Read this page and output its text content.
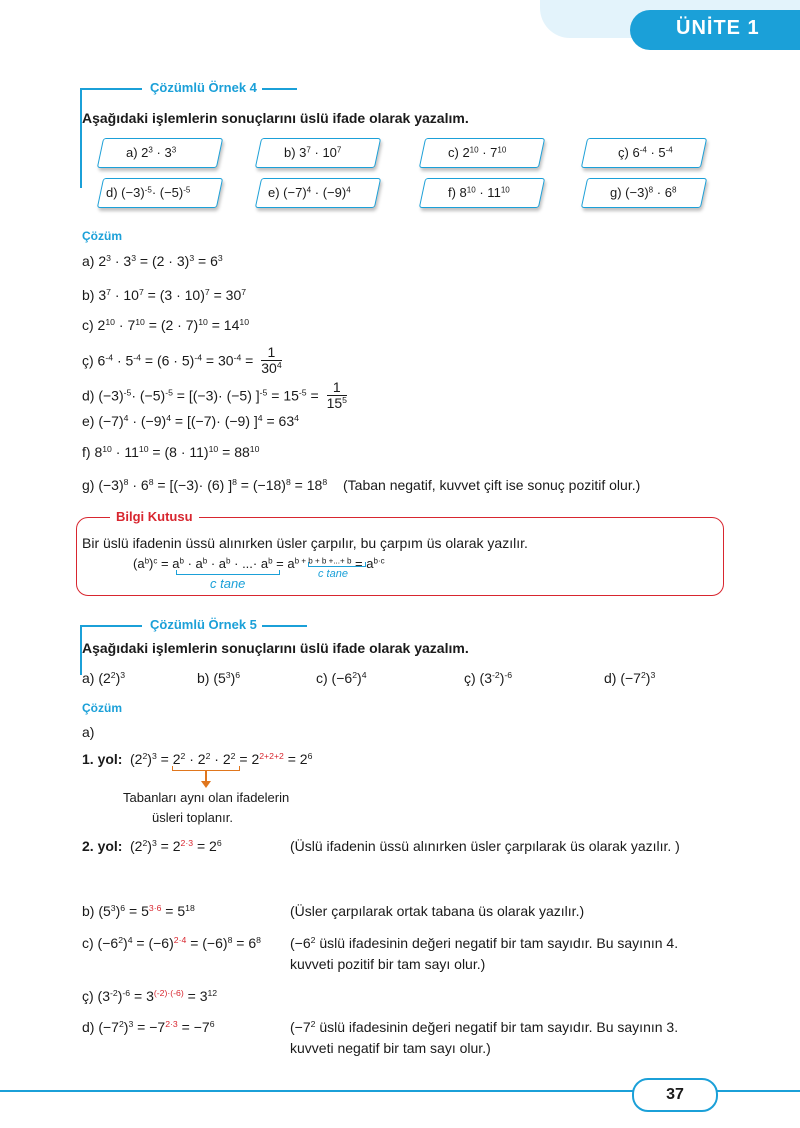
ÜNİTE 1
Çözümlü Örnek 4
Aşağıdaki işlemlerin sonuçlarını üslü ifade olarak yazalım.
a) $2^3 \cdot 3^3$	b) $3^7 \cdot 10^7$	c) $2^{10} \cdot 7^{10}$	ç) $6^{-4} \cdot 5^{-4}$
d) $(-3)^{-5}\cdot (-5)^{-5}$	e) $(-7)^4 \cdot (-9)^4$	f) $8^{10} \cdot 11^{10}$	g) $(-3)^8 \cdot 6^8$
Çözüm
a) $2^3 \cdot 3^3 = (2 \cdot 3)^3 = 6^3$
b) $3^7 \cdot 10^7 = (3 \cdot 10)^7 = 30^7$
c) $2^{10} \cdot 7^{10} = (2 \cdot 7)^{10} = 14^{10}$
ç) $6^{-4} \cdot 5^{-4} = (6 \cdot 5)^{-4} = 30^{-4} = \frac{1}{30^4}$
d) $(-3)^{-5}\cdot (-5)^{-5} = [(-3)\cdot (-5) ]^{-5} = 15^{-5} = \frac{1}{15^5}$
e) $(-7)^4 \cdot (-9)^4 = [(-7)\cdot (-9) ]^4 = 63^4$
f) $8^{10} \cdot 11^{10} = (8 \cdot 11)^{10} = 88^{10}$
g) $(-3)^8 \cdot 6^8 = [(-3)\cdot (6) ]^8 = (-18)^8 = 18^8$ (Taban negatif, kuvvet çift ise sonuç pozitif olur.)
Bilgi Kutusu
Bir üslü ifadenin üssü alınırken üsler çarpılır, bu çarpım üs olarak yazılır.
$(a^b)^c = a^b \cdot a^b \cdot a^b$ · ...· $a^b = a^{b + b + b +...+ b} = a^{b\cdot c}$
c tane
c tane
Çözümlü Örnek 5
Aşağıdaki işlemlerin sonuçlarını üslü ifade olarak yazalım.
a) $(2^2)^3$	b) $(5^3)^6$	c) $(-6^2)^4$	ç) $(3^{-2})^{-6}$	d) $(-7^2)^3$
Çözüm
a)
1. yol: $(2^2)^3 = 2^2 \cdot 2^2 \cdot 2^2 = 2^{2+2+2} = 2^6$
Tabanları aynı olan ifadelerin
üsleri toplanır.
2. yol: $(2^2)^3 = 2^{2\cdot 3} = 2^6$	(Üslü ifadenin üssü alınırken üsler çarpılarak üs olarak yazılır. )
b) $(5^3)^6 = 5^{3\cdot 6} = 5^{18}$	(Üsler çarpılarak ortak tabana üs olarak yazılır.)
c) $(-6^2)^4 = (-6)^{2\cdot 4} = (-6)^8 = 6^8$ ($-6^2$ üslü ifadesinin değeri negatif bir tam sayıdır. Bu sayının 4.
kuvveti pozitif bir tam sayı olur.)
ç) $(3^{-2})^{-6} = 3^{(-2)\cdot(-6)} = 3^{12}$
d) $(-7^2)^3 = -7^{2\cdot 3} = -7^6$	($-7^2$ üslü ifadesinin değeri negatif bir tam sayıdır. Bu sayının 3.
kuvveti negatif bir tam sayı olur.)
37
